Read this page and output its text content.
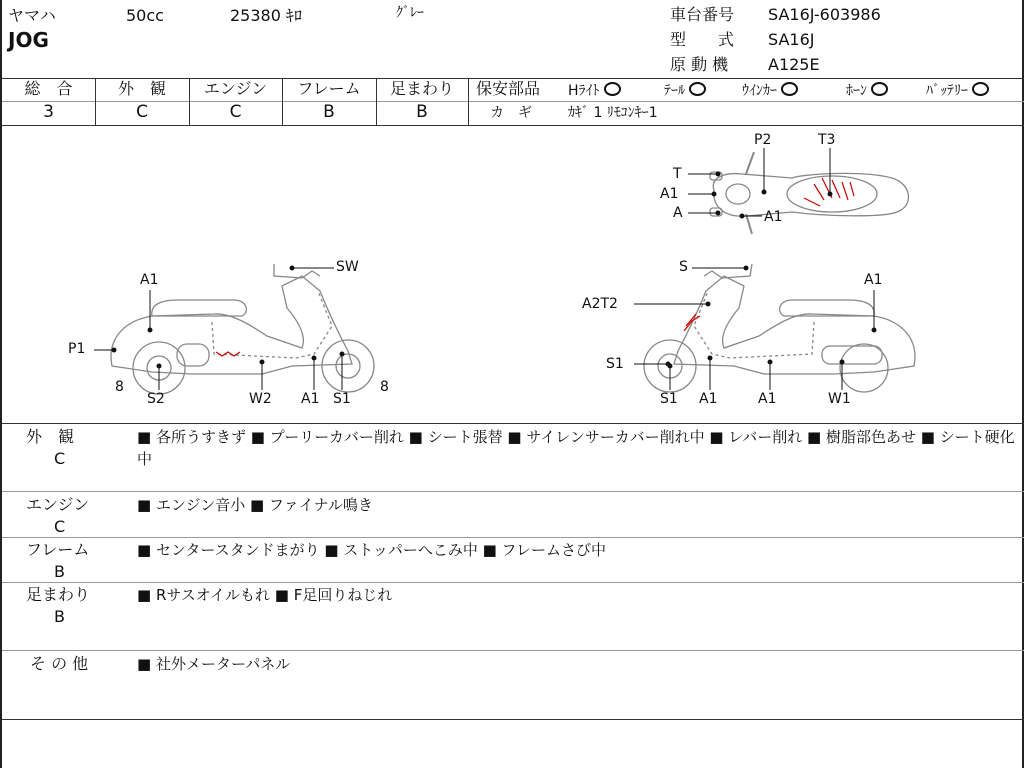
ヤマハ	50cc	25380 ｷﾛ	ｸﾞﾚｰ
JOG
車台番号 SA16J-603986
型　　式 SA16J
原 動 機 A125E
総　合	外　観	エンジン	フレーム	足まわり
3	C	C	B	B
保安部品 Hﾗｲﾄ	ﾃｰﾙ	ｳｲﾝｶｰ	ﾎｰﾝ	ﾊﾞｯﾃﾘｰ
カ　ギ	ｶｷﾞ 1 ﾘﾓｺﾝｷｰ1
A1
P1
8
S2	W2 A1 S1
8
SW	S
A2T2
S1
S1 A1	A1	W1
A1
T
A1
A	A1
P2	T3
外　観
C
■ 各所うすきず ■ プーリーカバー削れ ■ シート張替 ■ サイレンサーカバー削れ中 ■ レバー削れ ■ 樹脂部色あせ ■ シート硬化中
エンジン
C
■ エンジン音小 ■ ファイナル鳴き
フレーム
B
■ センタースタンドまがり ■ ストッパーへこみ中 ■ フレームさび中
足まわり
B
■ Rサスオイルもれ ■ F足回りねじれ
そ の 他	■ 社外メーターパネル
